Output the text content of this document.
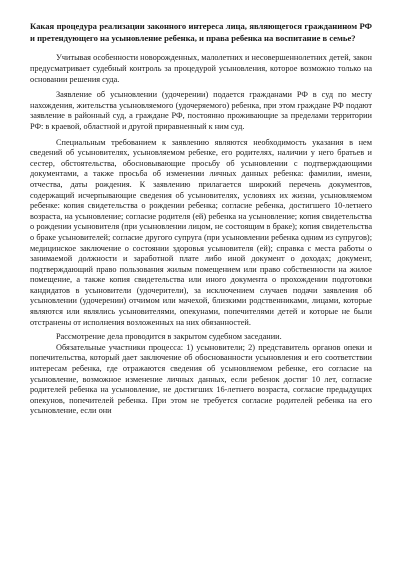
Какая процедура реализации законного интереса лица, являющегося гражданином РФ и претендующего на усыновление ребенка, и права ребенка на воспитание в семье?

Учитывая особенности новорожденных, малолетних и несовершеннолетних детей, закон предусматривает судебный контроль за процедурой усыновления, которое возможно только на основании решения суда.

Заявление об усыновлении (удочерении) подается гражданами РФ в суд по месту нахождения, жительства усыновляемого (удочеряемого) ребенка, при этом граждане РФ подают заявление в районный суд, а граждане РФ, постоянно проживающие за пределами территории РФ: в краевой, областной и другой приравненный к ним суд.

Специальным требованием к заявлению являются необходимость указания в нем сведений об усыновителях, усыновляемом ребенке, его родителях, наличии у него братьев и сестер, обстоятельства, обосновывающие просьбу об усыновлении с подтверждающими документами, а также просьба об изменении личных данных ребенка: фамилии, имени, отчества, даты рождения. К заявлению прилагается широкий перечень документов, содержащий исчерпывающие сведения об усыновителях, условиях их жизни, усыновляемом ребенке: копия свидетельства о рождении ребенка; согласие ребенка, достигшего 10-летнего возраста, на усыновление; согласие родителя (ей) ребенка на усыновление; копия свидетельства о рождении усыновителя (при усыновлении лицом, не состоящим в браке); копия свидетельства о браке усыновителей; согласие другого супруга (при усыновлении ребенка одним из супругов); медицинское заключение о состоянии здоровья усыновителя (ей); справка с места работы о занимаемой должности и заработной плате либо иной документ о доходах; документ, подтверждающий право пользования жилым помещением или право собственности на жилое помещение, а также копия свидетельства или иного документа о прохождении подготовки кандидатов в усыновители (удочерители), за исключением случаев подачи заявления об усыновлении (удочерении) отчимом или мачехой, близкими родственниками, лицами, которые являются или являлись усыновителями, опекунами, попечителями детей и которые не были отстранены от исполнения возложенных на них обязанностей.

Рассмотрение дела проводится в закрытом судебном заседании.

Обязательные участники процесса: 1) усыновители; 2) представитель органов опеки и попечительства, который дает заключение об обоснованности усыновления и его соответствии интересам ребенка, где отражаются сведения об усыновляемом ребенке, его согласие на усыновление, возможное изменение личных данных, если ребенок достиг 10 лет, согласие родителей ребенка на усыновление, не достигших 16-летнего возраста, согласие предыдущих опекунов, попечителей ребенка. При этом не требуется согласие родителей ребенка на его усыновление, если они
